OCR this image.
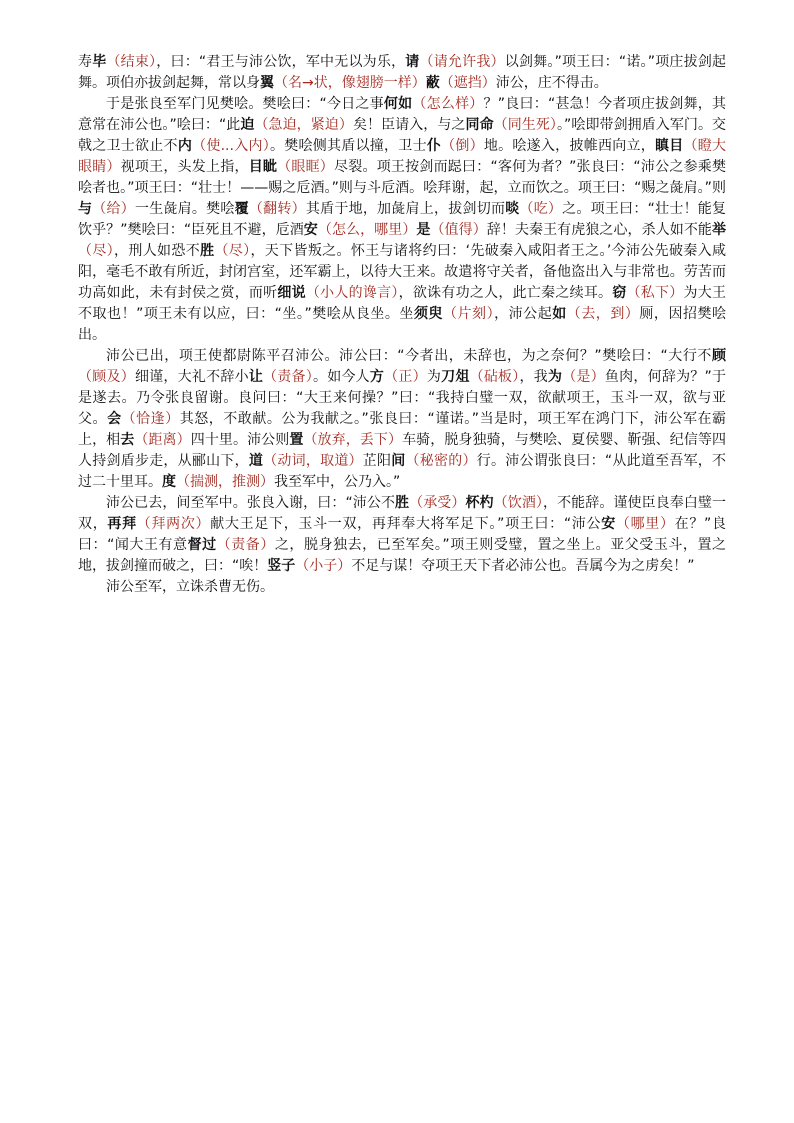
寿毕（结束），曰：“君王与沛公饮，军中无以为乐，请（请允许我）以剑舞。”项王曰：“诺。”项庄拔剑起舞。项伯亦拔剑起舞，常以身翼（名→状，像翅膀一样）蔽（遮挡）沛公，庄不得击。

于是张良至军门见樊哙。樊哙曰：“今日之事何如（怎么样）？”良曰：“甚急！今者项庄拔剑舞，其意常在沛公也。”哙曰：“此迫（急迫，紧迫）矣！臣请入，与之同命（同生死）。”哙即带剑拥盾入军门。交戟之卫士欲止不内（使...入内）。樊哙侧其盾以撞，卫士仆（倒）地。哙遂入，披帷西向立，瞋目（瞪大眼睛）视项王，头发上指，目眦（眼眶）尽裂。项王按剑而跽曰：“客何为者？”张良曰：“沛公之参乘樊哙者也。”项王曰：“壮士！——赐之卮酒。”则与斗卮酒。哙拜谢，起，立而饮之。项王曰：“赐之彘肩。”则与（给）一生彘肩。樊哙覆（翻转）其盾于地，加彘肩上，拔剑切而啖（吃）之。项王曰：“壮士！能复饮乎？”樊哙曰：“臣死且不避，卮酒安（怎么，哪里）是（值得）辞！夫秦王有虎狼之心，杀人如不能举（尽），刑人如恐不胜（尽），天下皆叛之。怀王与诸将约曰：‘先破秦入咸阳者王之。’今沛公先破秦入咸阳，毫毛不敢有所近，封闭宫室，还军霸上，以待大王来。故遣将守关者，备他盗出入与非常也。劳苦而功高如此，未有封侯之赏，而听细说（小人的谗言），欲诛有功之人，此亡秦之续耳。窃（私下）为大王不取也！”项王未有以应，曰：“坐。”樊哙从良坐。坐须臾（片刻），沛公起如（去，到）厕，因招樊哙出。

沛公已出，项王使都尉陈平召沛公。沛公曰：“今者出，未辞也，为之奈何？”樊哙曰：“大行不顾（顾及）细谨，大礼不辞小让（责备）。如今人方（正）为刀俎（砧板），我为（是）鱼肉，何辞为？”于是遂去。乃令张良留谢。良问曰：“大王来何操？”曰：“我持白璧一双，欲献项王，玉斗一双，欲与亚父。会（恰逢）其怒，不敢献。公为我献之。”张良曰：“谨诺。”当是时，项王军在鸿门下，沛公军在霸上，相去（距离）四十里。沛公则置（放弃，丢下）车骑，脱身独骑，与樊哙、夏侯婴、靳强、纪信等四人持剑盾步走，从郦山下，道（动词，取道）芷阳间（秘密的）行。沛公谓张良曰：“从此道至吾军，不过二十里耳。度（揣测，推测）我至军中，公乃入。”

沛公已去，间至军中。张良入谢，曰：“沛公不胜（承受）杯杓（饮酒），不能辞。谨使臣良奉白璧一双，再拜（拜两次）献大王足下，玉斗一双，再拜奉大将军足下。”项王曰：“沛公安（哪里）在？”良曰：“闻大王有意督过（责备）之，脱身独去，已至军矣。”项王则受璧，置之坐上。亚父受玉斗，置之地，拔剑撞而破之，曰：“唉！竖子（小子）不足与谋！夺项王天下者必沛公也。吾属今为之虏矣！”

沛公至军，立诛杀曹无伤。
